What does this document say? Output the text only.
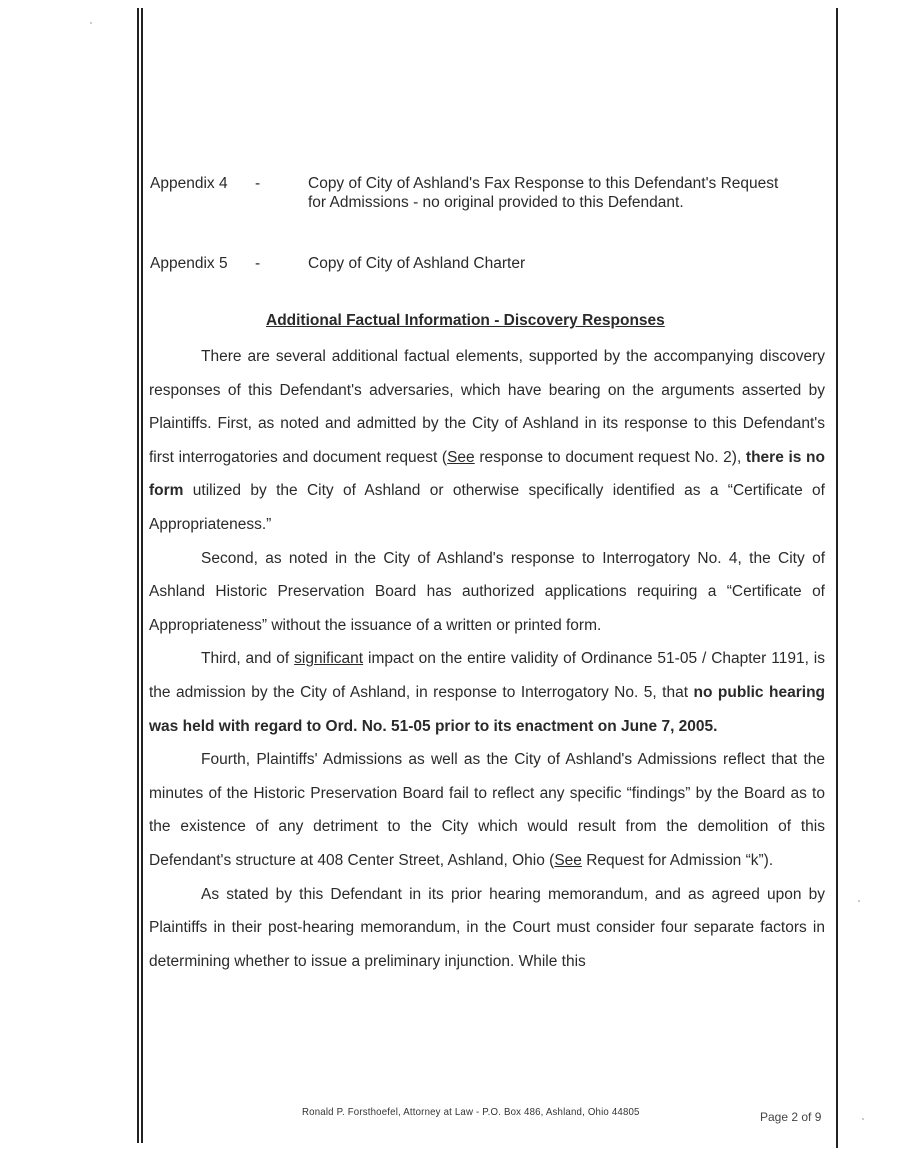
Appendix 4 -	Copy of City of Ashland's Fax Response to this Defendant's Request for Admissions - no original provided to this Defendant.
Appendix 5 -	Copy of City of Ashland Charter
Additional Factual Information - Discovery Responses

There are several additional factual elements, supported by the accompanying discovery responses of this Defendant's adversaries, which have bearing on the arguments asserted by Plaintiffs. First, as noted and admitted by the City of Ashland in its response to this Defendant's first interrogatories and document request (See response to document request No. 2), there is no form utilized by the City of Ashland or otherwise specifically identified as a “Certificate of Appropriateness.”

Second, as noted in the City of Ashland's response to Interrogatory No. 4, the City of Ashland Historic Preservation Board has authorized applications requiring a “Certificate of Appropriateness” without the issuance of a written or printed form.

Third, and of significant impact on the entire validity of Ordinance 51-05 / Chapter 1191, is the admission by the City of Ashland, in response to Interrogatory No. 5, that no public hearing was held with regard to Ord. No. 51-05 prior to its enactment on June 7, 2005.

Fourth, Plaintiffs' Admissions as well as the City of Ashland's Admissions reflect that the minutes of the Historic Preservation Board fail to reflect any specific “findings” by the Board as to the existence of any detriment to the City which would result from the demolition of this Defendant's structure at 408 Center Street, Ashland, Ohio (See Request for Admission “k”).

As stated by this Defendant in its prior hearing memorandum, and as agreed upon by Plaintiffs in their post-hearing memorandum, in the Court must consider four separate factors in determining whether to issue a preliminary injunction. While this

Ronald P. Forsthoefel, Attorney at Law - P.O. Box 486, Ashland, Ohio 44805	Page 2 of 9
